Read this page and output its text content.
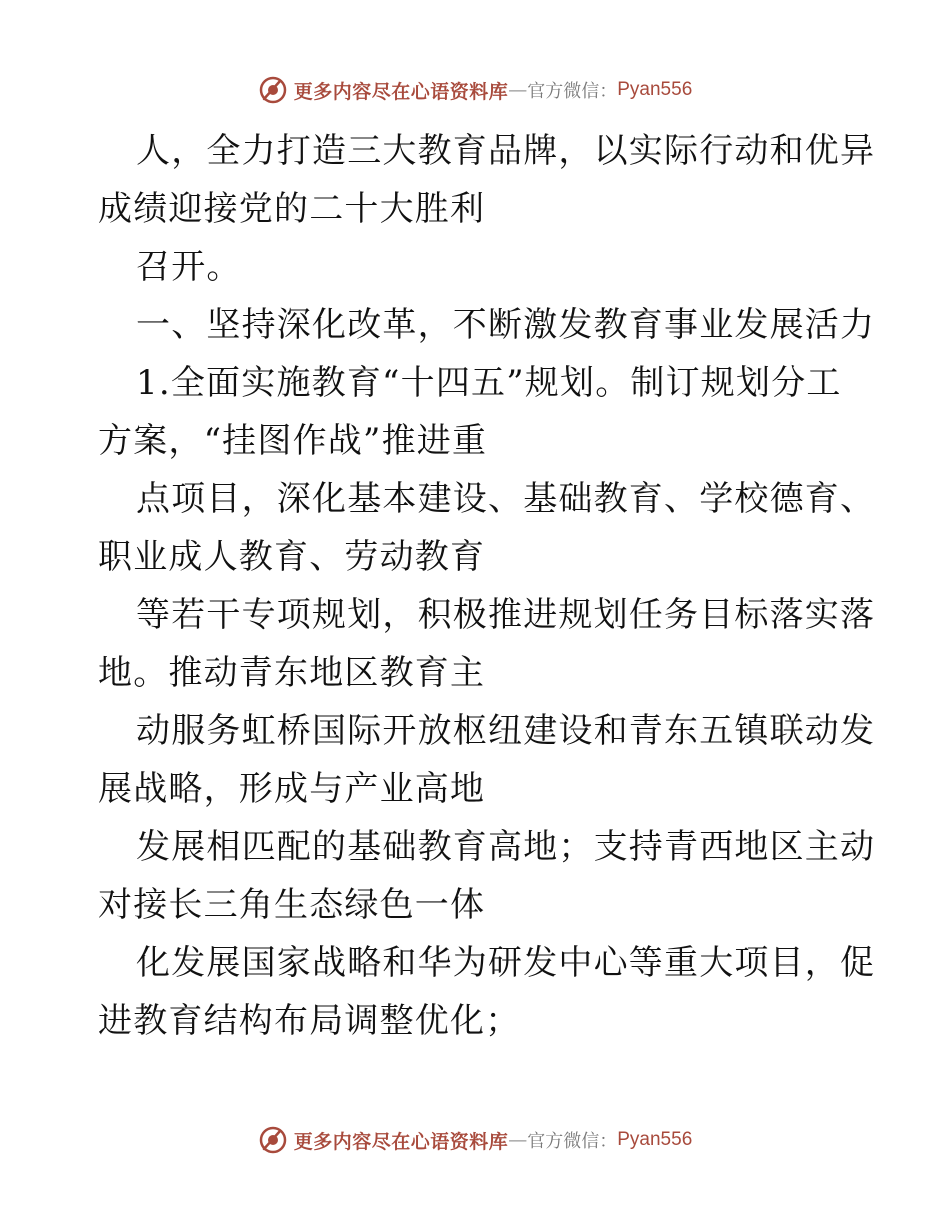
更多内容尽在心语资料库 — 官方微信： Pyan556
人，全力打造三大教育品牌，以实际行动和优异
成绩迎接党的二十大胜利
召开。
一、坚持深化改革，不断激发教育事业发展活力
1.全面实施教育“十四五”规划。制订规划分工
方案，“挂图作战”推进重
点项目，深化基本建设、基础教育、学校德育、
职业成人教育、劳动教育
等若干专项规划，积极推进规划任务目标落实落
地。推动青东地区教育主
动服务虹桥国际开放枢纽建设和青东五镇联动发
展战略，形成与产业高地
发展相匹配的基础教育高地；支持青西地区主动
对接长三角生态绿色一体
化发展国家战略和华为研发中心等重大项目，促
进教育结构布局调整优化；
更多内容尽在心语资料库 — 官方微信： Pyan556
